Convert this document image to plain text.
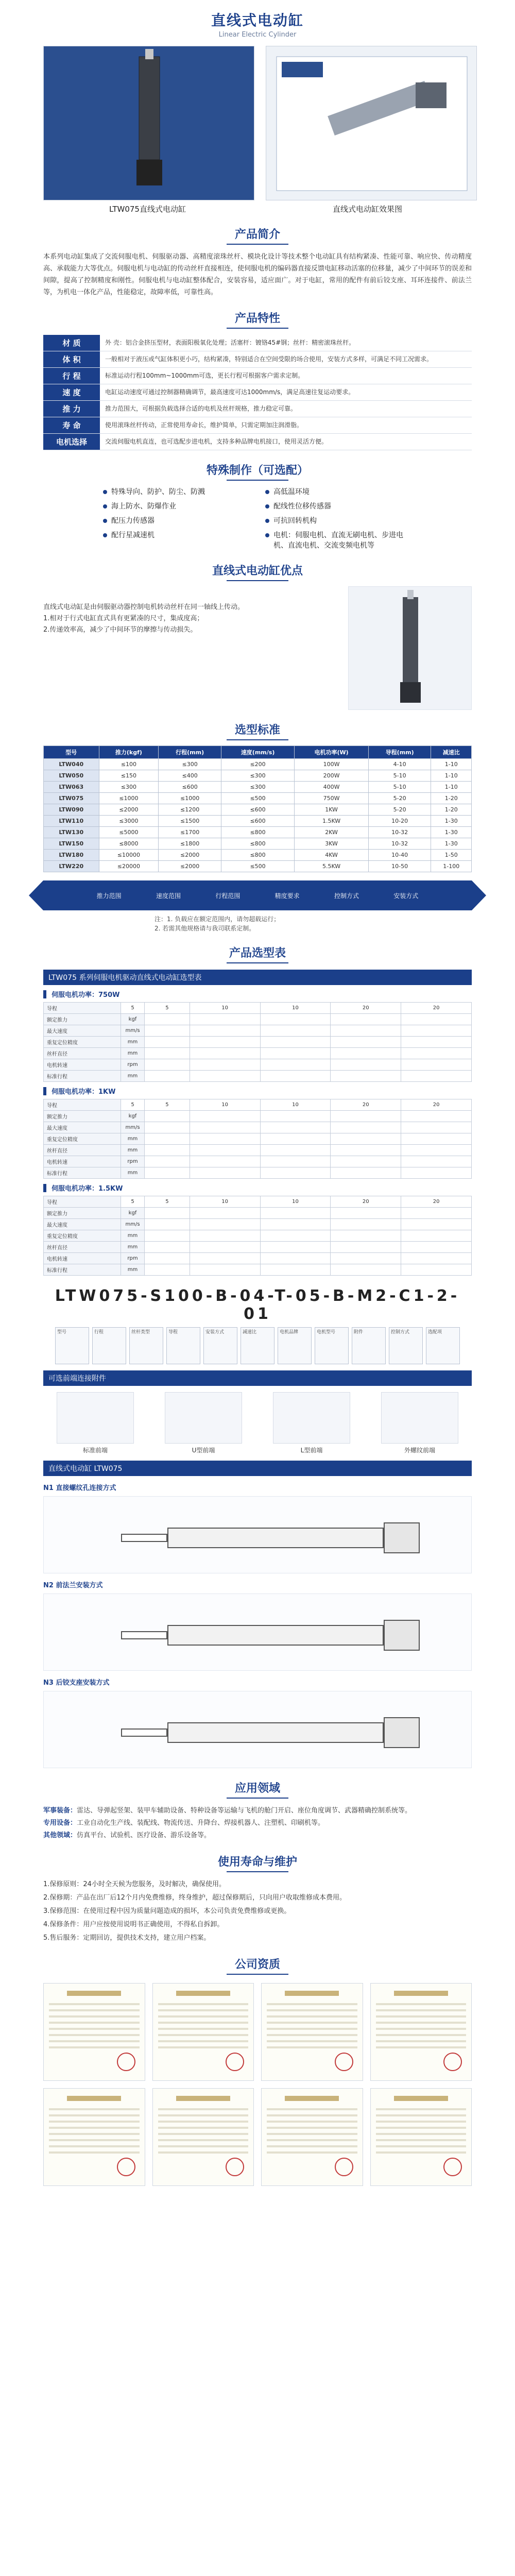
直线式电动缸
Linear Electric Cylinder
LTW075直线式电动缸	直线式电动缸效果图
产品简介

本系列电动缸集成了交流伺服电机、伺服驱动器、高精度滚珠丝杆、模块化设计等技术整个电动缸具有结构紧凑、性能可靠、响应快、传动精度高、承载能力大等优点。伺服电机与电动缸的传动丝杆直接相连，使伺服电机的编码器直接反馈电缸移动活塞的位移量，减少了中间环节的误差和间隙，提高了控制精度和刚性。伺服电机与电动缸整体配合，安装容易，适应面广。对于电缸，常用的配件有前后铰支座、耳环连接件、前法兰等，为机电一体化产品，性能稳定，故障率低，可靠性高。

产品特性
材 质	外 壳：铝合金挤压型材，表面阳极氧化处理；活塞杆：镀铬45#钢；丝杆：精密滚珠丝杆。
体 积	一般相对于液压或气缸体积更小巧，结构紧凑，特别适合在空间受限的场合使用，安装方式多样，可满足不同工况需求。
行 程	标准运动行程100mm~1000mm可选，更长行程可根据客户需求定制。
速 度	电缸运动速度可通过控制器精确调节，最高速度可达1000mm/s，满足高速往复运动要求。
推 力	推力范围大，可根据负载选择合适的电机及丝杆规格，推力稳定可靠。
寿 命	使用滚珠丝杆传动，正常使用寿命长，维护简单，只需定期加注润滑脂。
电机选择	交流伺服电机直连，也可选配步进电机，支持多种品牌电机接口，使用灵活方便。
特殊制作（可选配）
特殊导向、防护、防尘、防溅	高低温环境
海上防水、防爆作业	配线性位移传感器
配压力传感器	可抗回转机构
配行星减速机	电机：伺服电机、直流无刷电机、步进电机、直流电机、交流变频电机等
直线式电动缸优点

直线式电动缸是由伺服驱动器控制电机转动丝杆在同一轴线上传动。

1.相对于行式电缸直式具有更紧凑的尺寸，集成度高；

2.传递效率高，减少了中间环节的摩擦与传动损失。

选型标准
型号	推力(kgf)	行程(mm)	速度(mm/s)	电机功率(W)	导程(mm)	减速比
LTW040	≤100	≤300	≤200	100W	4-10	1-10
LTW050	≤150	≤400	≤300	200W	5-10	1-10
LTW063	≤300	≤600	≤300	400W	5-10	1-10
LTW075	≤1000	≤1000	≤500	750W	5-20	1-20
LTW090	≤2000	≤1200	≤600	1KW	5-20	1-20
LTW110	≤3000	≤1500	≤600	1.5KW	10-20	1-30
LTW130	≤5000	≤1700	≤800	2KW	10-32	1-30
LTW150	≤8000	≤1800	≤800	3KW	10-32	1-30
LTW180	≤10000	≤2000	≤800	4KW	10-40	1-50
LTW220	≤20000	≤2000	≤500	5.5KW	10-50	1-100
推力范围	速度范围	行程范围	精度要求	控制方式	安装方式

注：1. 负载应在额定范围内，请勿超载运行；

2. 若需其他规格请与我司联系定制。

产品选型表
LTW075 系列伺服电机驱动直线式电动缸选型表
伺服电机功率：750W
导程	5	5	10	10	20	20
额定推力	kgf					
最大速度	mm/s					
重复定位精度	mm					
丝杆直径	mm					
电机转速	rpm					
标准行程	mm					
伺服电机功率：1KW
导程	5	5	10	10	20	20
额定推力	kgf					
最大速度	mm/s					
重复定位精度	mm					
丝杆直径	mm					
电机转速	rpm					
标准行程	mm					
伺服电机功率：1.5KW
导程	5	5	10	10	20	20
额定推力	kgf					
最大速度	mm/s					
重复定位精度	mm					
丝杆直径	mm					
电机转速	rpm					
标准行程	mm					
LTW075-S100-B-04-T-05-B-M2-C1-2-01
型号	行程	丝杆类型	导程	安装方式	减速比	电机品牌	电机型号	附件	控制方式	选配项
可选前端连接附件
标准前端	U型前端	L型前端	外螺纹前端
直线式电动缸 LTW075
N1 直接螺纹孔连接方式
N2 前法兰安装方式
N3 后铰支座安装方式
应用领域

军事装备：雷达、导弹起竖架、装甲车辅助设备、特种设备等运输与飞机的舱门开启、座位角度调节、武器精确控制系统等。

专用设备：工业自动化生产线、装配线、物流传送、升降台、焊接机器人、注塑机、印刷机等。

其他领域：仿真平台、试验机、医疗设备、游乐设备等。

使用寿命与维护

1.保修原则：24小时全天候为您服务，及时解决，确保使用。

2.保修期：产品在出厂后12个月内免费维修，终身维护，超过保修期后，只向用户收取维修成本费用。

3.保修范围：在使用过程中因为质量问题造成的损坏，本公司负责免费维修或更换。

4.保修条件：用户应按使用说明书正确使用，不得私自拆卸。

5.售后服务：定期回访，提供技术支持，建立用户档案。

公司资质
